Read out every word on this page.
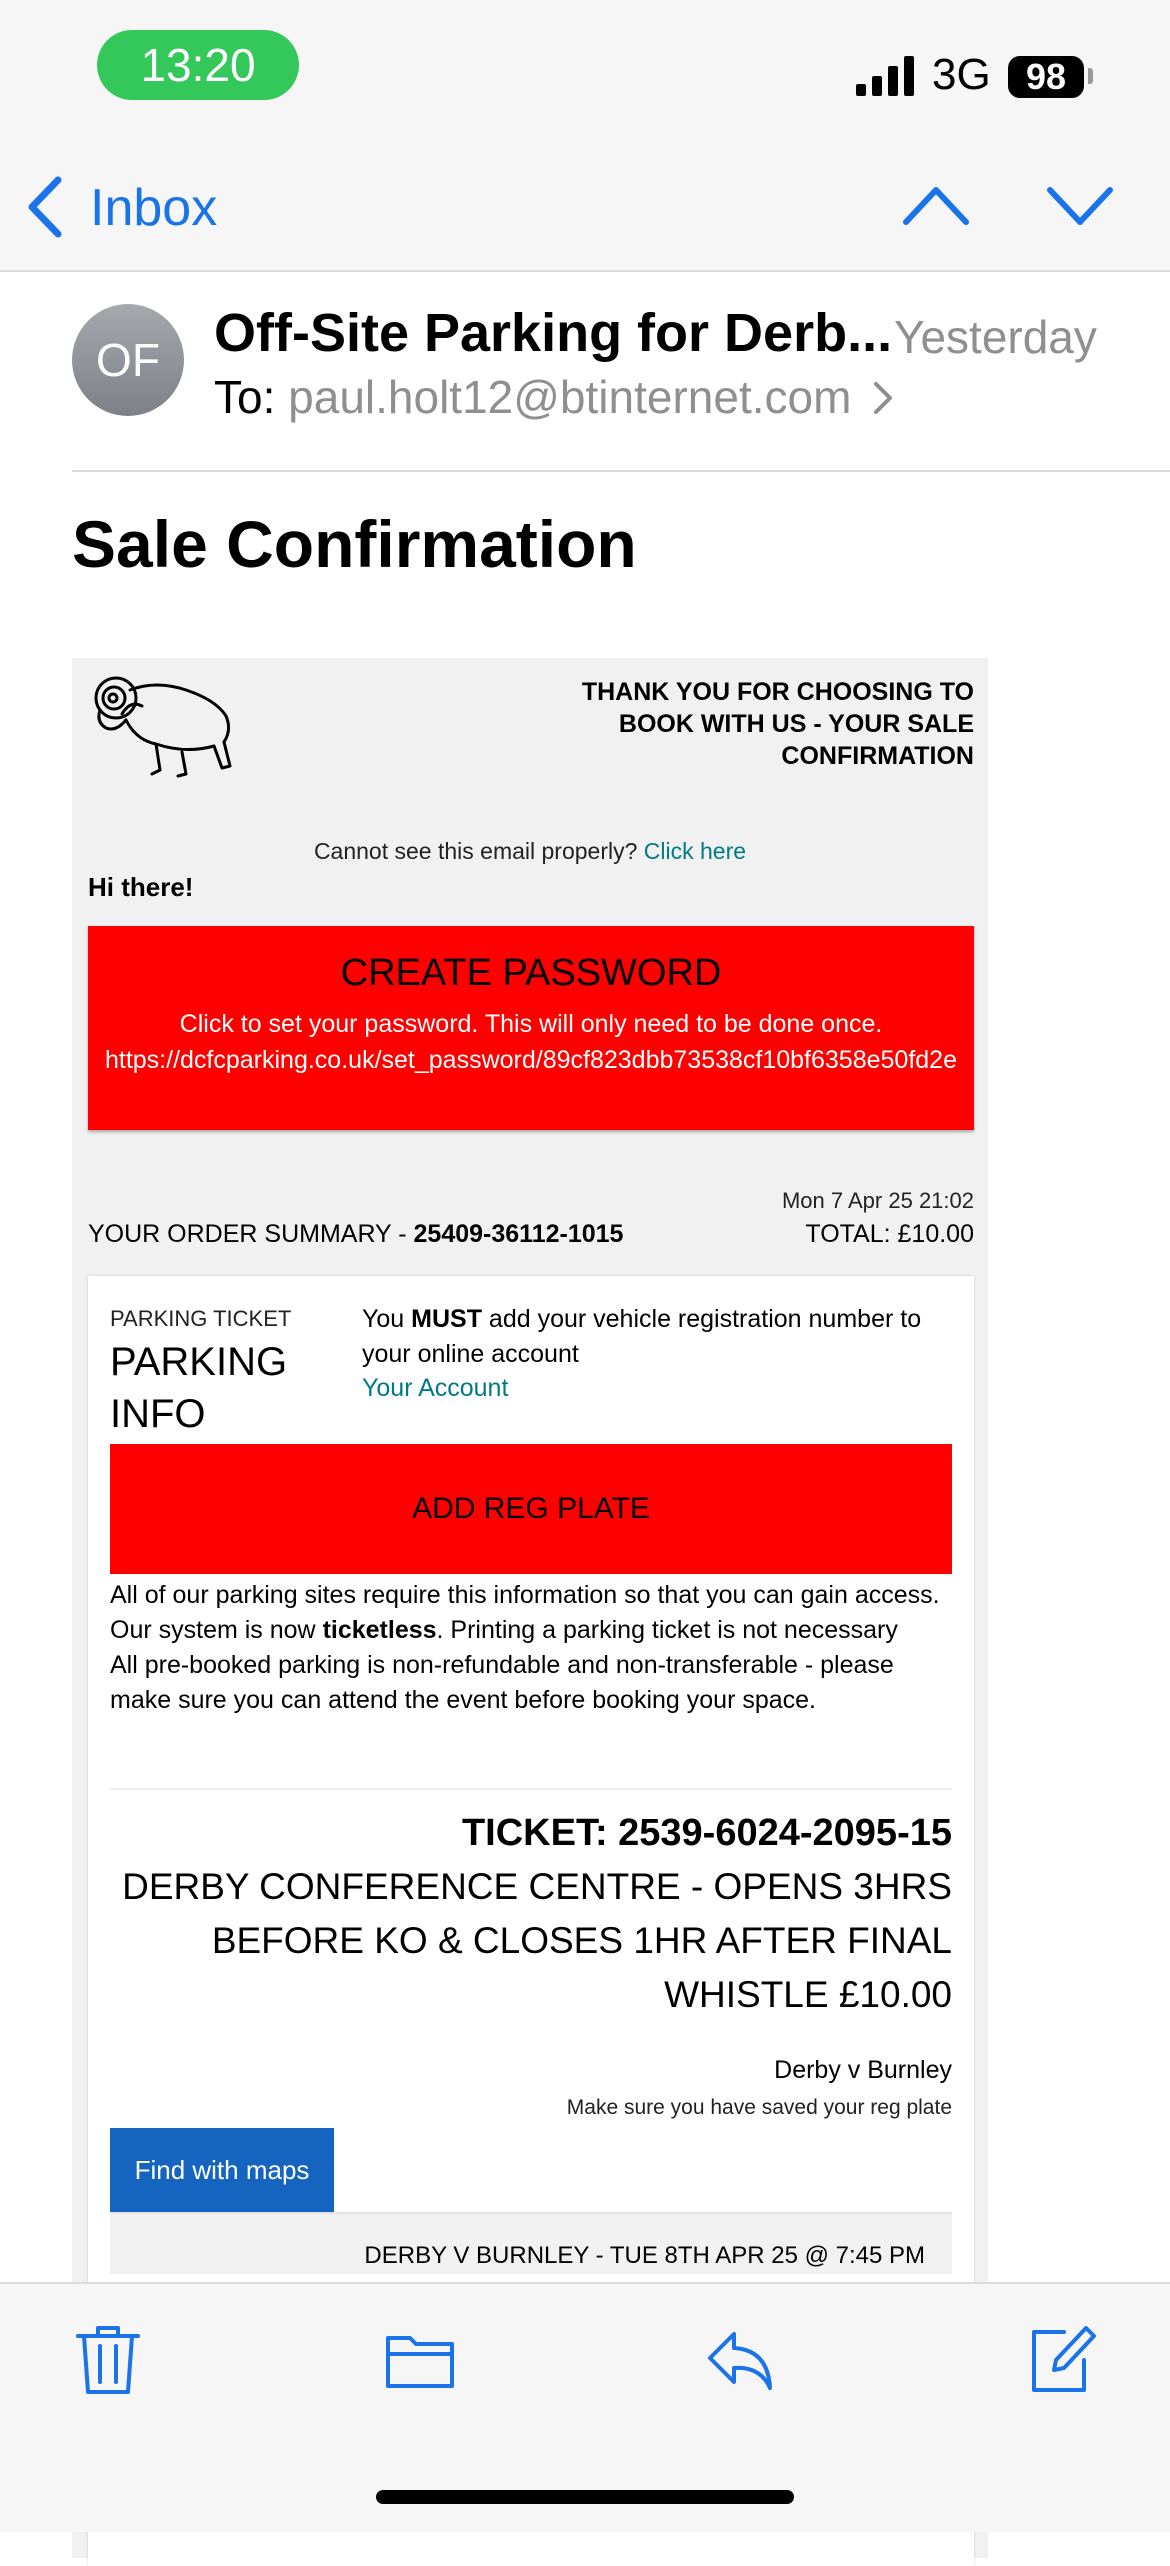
13:20	3G 98
Inbox
OF	Off-Site Parking for Derb... Yesterday
To: paul.holt12@btinternet.com
Sale Confirmation
THANK YOU FOR CHOOSING TO BOOK WITH US - YOUR SALE CONFIRMATION
Cannot see this email properly? Click here
Hi there!
CREATE PASSWORD
Click to set your password. This will only need to be done once.
https://dcfcparking.co.uk/set_password/89cf823dbb73538cf10bf6358e50fd2e
Mon 7 Apr 25 21:02
YOUR ORDER SUMMARY - 25409-36112-1015	TOTAL: £10.00
PARKING TICKET
PARKING INFO
You MUST add your vehicle registration number to your online account
Your Account
ADD REG PLATE
All of our parking sites require this information so that you can gain access. Our system is now ticketless. Printing a parking ticket is not necessary
All pre-booked parking is non-refundable and non-transferable - please make sure you can attend the event before booking your space.
TICKET: 2539-6024-2095-15
DERBY CONFERENCE CENTRE - OPENS 3HRS BEFORE KO & CLOSES 1HR AFTER FINAL WHISTLE £10.00
Derby v Burnley
Make sure you have saved your reg plate
Find with maps
DERBY V BURNLEY - TUE 8TH APR 25 @ 7:45 PM
